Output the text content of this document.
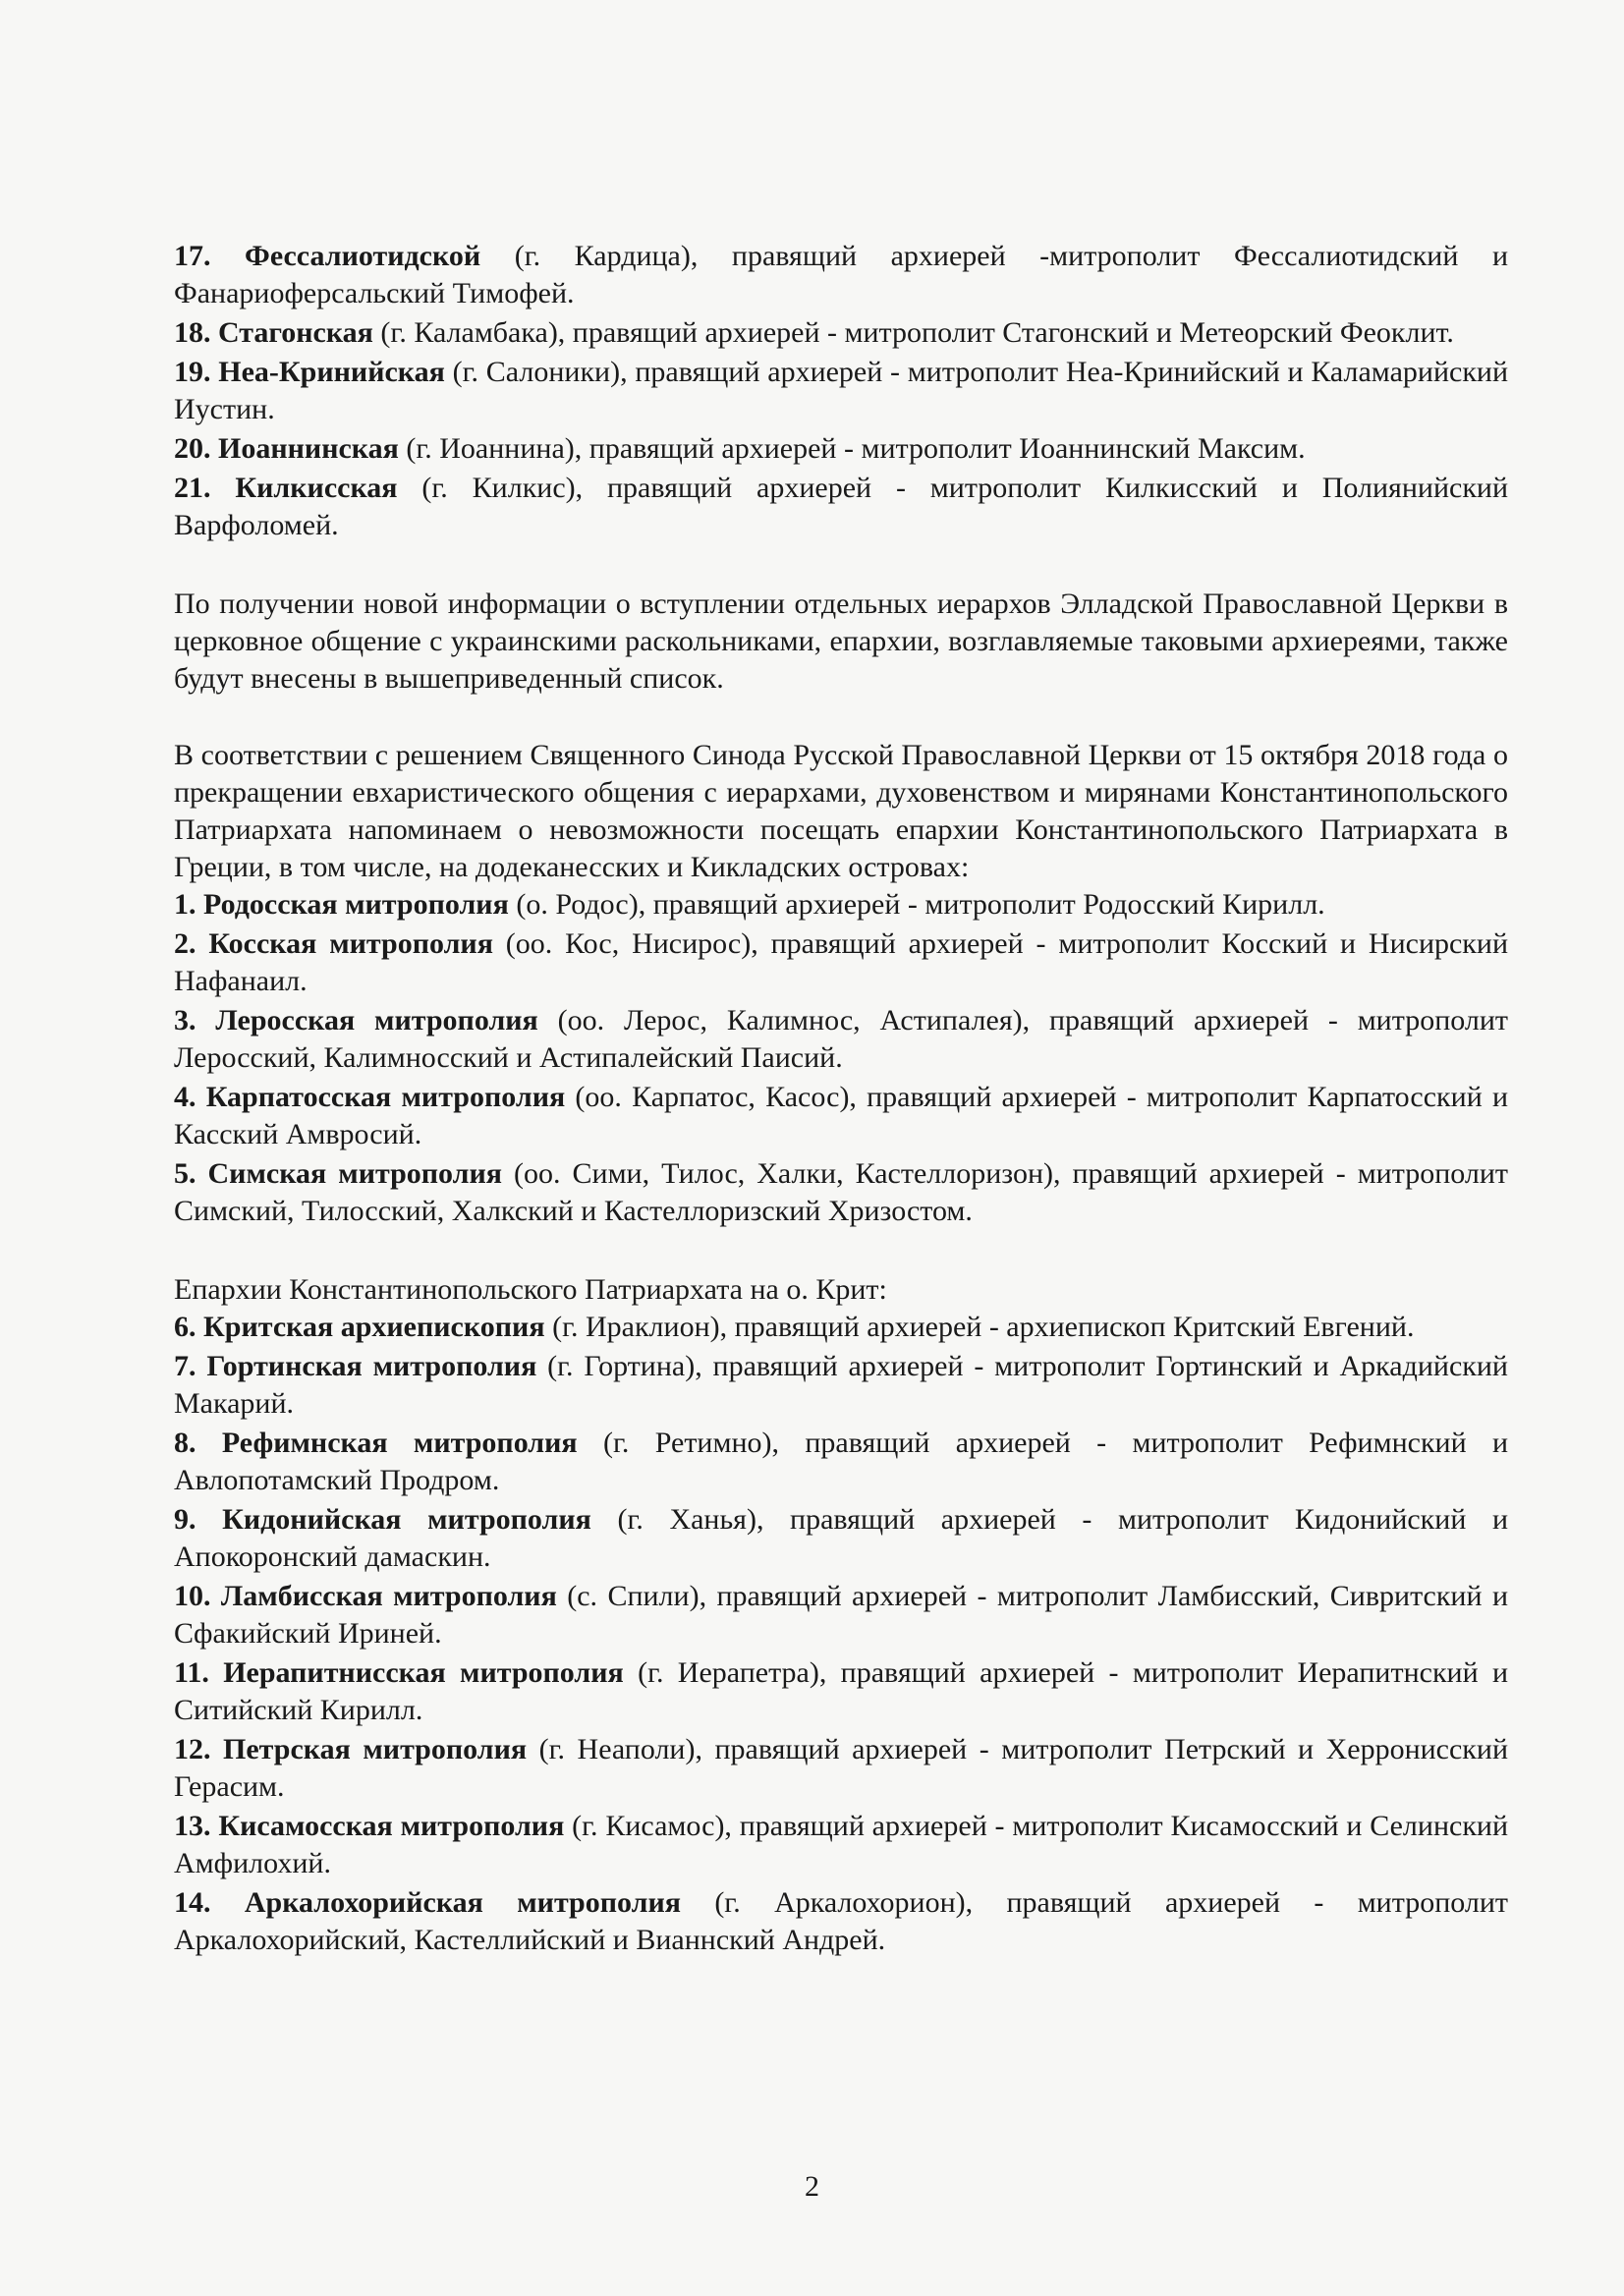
17. Фессалиотидской (г. Кардица), правящий архиерей -митрополит Фессалиотидский и Фанариоферсальский Тимофей.

18. Стагонская (г. Каламбака), правящий архиерей - митрополит Стагонский и Метеорский Феоклит.

19. Неа-Кринийская (г. Салоники), правящий архиерей - митрополит Неа-Кринийский и Каламарийский Иустин.

20. Иоаннинская (г. Иоаннина), правящий архиерей - митрополит Иоаннинский Максим.

21. Килкисская (г. Килкис), правящий архиерей - митрополит Килкисский и Полиянийский Варфоломей.

По получении новой информации о вступлении отдельных иерархов Элладской Православной Церкви в церковное общение с украинскими раскольниками, епархии, возглавляемые таковыми архиереями, также будут внесены в вышеприведенный список.

В соответствии с решением Священного Синода Русской Православной Церкви от 15 октября 2018 года о прекращении евхаристического общения с иерархами, духовенством и мирянами Константинопольского Патриархата напоминаем о невозможности посещать епархии Константинопольского Патриархата в Греции, в том числе, на додеканесских и Кикладских островах:

1. Родосская митрополия (о. Родос), правящий архиерей - митрополит Родосский Кирилл.

2. Косская митрополия (оо. Кос, Нисирос), правящий архиерей - митрополит Косский и Нисирский Нафанаил.

3. Леросская митрополия (оо. Лерос, Калимнос, Астипалея), правящий архиерей - митрополит Леросский, Калимносский и Астипалейский Паисий.

4. Карпатосская митрополия (оо. Карпатос, Касос), правящий архиерей - митрополит Карпатосский и Касский Амвросий.

5. Симская митрополия (оо. Сими, Тилос, Халки, Кастеллоризон), правящий архиерей - митрополит Симский, Тилосский, Халкский и Кастеллоризский Хризостом.

Епархии Константинопольского Патриархата на о. Крит:

6. Критская архиепископия (г. Ираклион), правящий архиерей - архиепископ Критский Евгений.

7. Гортинская митрополия (г. Гортина), правящий архиерей - митрополит Гортинский и Аркадийский Макарий.

8. Рефимнская митрополия (г. Ретимно), правящий архиерей - митрополит Рефимнский и Авлопотамский Продром.

9. Кидонийская митрополия (г. Ханья), правящий архиерей - митрополит Кидонийский и Апокоронский дамаскин.

10. Ламбисская митрополия (с. Спили), правящий архиерей - митрополит Ламбисский, Сивритский и Сфакийский Ириней.

11. Иерапитнисская митрополия (г. Иерапетра), правящий архиерей - митрополит Иерапитнский и Ситийский Кирилл.

12. Петрская митрополия (г. Неаполи), правящий архиерей - митрополит Петрский и Херронисский Герасим.

13. Кисамосская митрополия (г. Кисамос), правящий архиерей - митрополит Кисамосский и Селинский Амфилохий.

14. Аркалохорийская митрополия (г. Аркалохорион), правящий архиерей - митрополит Аркалохорийский, Кастеллийский и Вианнский Андрей.

2
